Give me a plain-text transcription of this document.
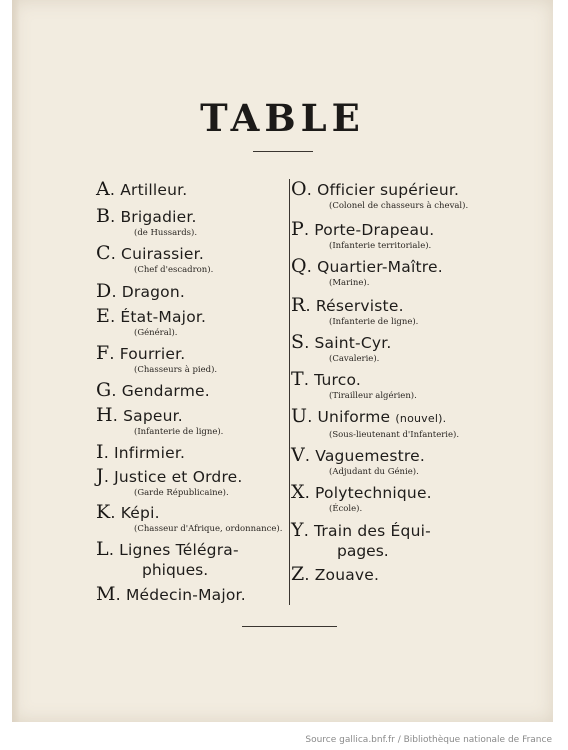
TABLE
A. Artilleur.
B. Brigadier.
(de Hussards).
C. Cuirassier.
(Chef d'escadron).
D. Dragon.
E. État-Major.
(Général).
F. Fourrier.
(Chasseurs à pied).
G. Gendarme.
H. Sapeur.
(Infanterie de ligne).
I. Infirmier.
J. Justice et Ordre.
(Garde Républicaine).
K. Képi.
(Chasseur d'Afrique, ordonnance).
L. Lignes Télégra-
phiques.
M. Médecin-Major.
O. Officier supérieur.
(Colonel de chasseurs à cheval).
P. Porte-Drapeau.
(Infanterie territoriale).
Q. Quartier-Maître.
(Marine).
R. Réserviste.
(Infanterie de ligne).
S. Saint-Cyr.
(Cavalerie).
T. Turco.
(Tirailleur algérien).
U. Uniforme (nouvel).
(Sous-lieutenant d'Infanterie).
V. Vaguemestre.
(Adjudant du Génie).
X. Polytechnique.
(École).
Y. Train des Équi-
pages.
Z. Zouave.
Source gallica.bnf.fr / Bibliothèque nationale de France
